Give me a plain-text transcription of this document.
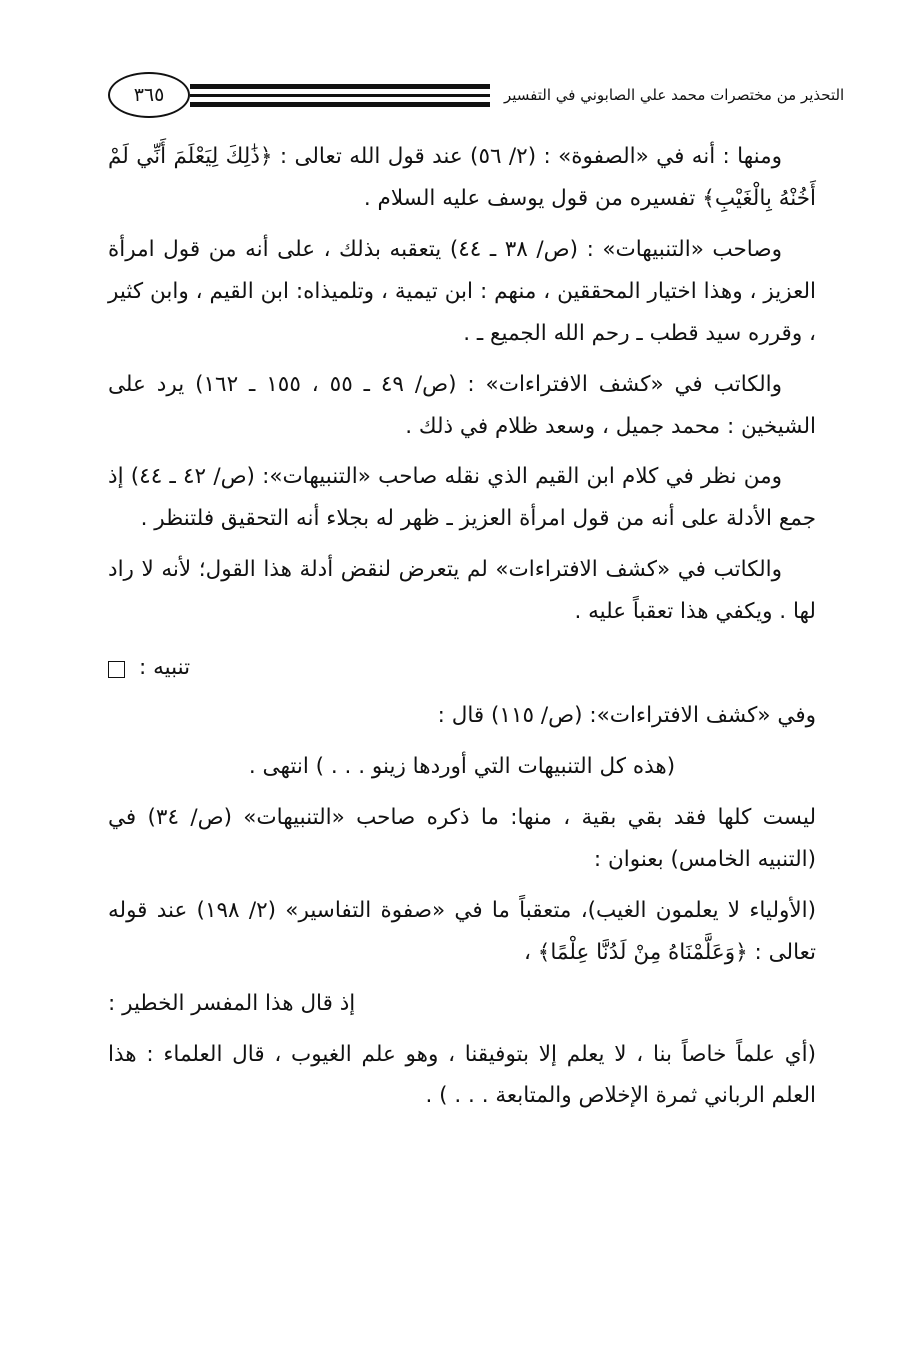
٣٦٥	التحذير من مختصرات محمد علي الصابوني في التفسير

ومنها : أنه في «الصفوة» : (٢/ ٥٦) عند قول الله تعالى : ﴿ذَٰلِكَ لِيَعْلَمَ أَنِّي لَمْ أَخُنْهُ بِالْغَيْبِ﴾ تفسيره من قول يوسف عليه السلام .

وصاحب «التنبيهات» : (ص/ ٣٨ ـ ٤٤) يتعقبه بذلك ، على أنه من قول امرأة العزيز ، وهذا اختيار المحققين ، منهم : ابن تيمية ، وتلميذاه: ابن القيم ، وابن كثير ، وقرره سيد قطب ـ رحم الله الجميع ـ .

والكاتب في «كشف الافتراءات» : (ص/ ٤٩ ـ ٥٥ ، ١٥٥ ـ ١٦٢) يرد على الشيخين : محمد جميل ، وسعد ظلام في ذلك .

ومن نظر في كلام ابن القيم الذي نقله صاحب «التنبيهات»: (ص/ ٤٢ ـ ٤٤) إذ جمع الأدلة على أنه من قول امرأة العزيز ـ ظهر له بجلاء أنه التحقيق فلتنظر .

والكاتب في «كشف الافتراءات» لم يتعرض لنقض أدلة هذا القول؛ لأنه لا راد لها . ويكفي هذا تعقباً عليه .

تنبيه :

وفي «كشف الافتراءات»: (ص/ ١١٥) قال :

(هذه كل التنبيهات التي أوردها زينو . . . ) انتهى .

ليست كلها فقد بقي بقية ، منها: ما ذكره صاحب «التنبيهات» (ص/ ٣٤) في (التنبيه الخامس) بعنوان :

(الأولياء لا يعلمون الغيب)، متعقباً ما في «صفوة التفاسير» (٢/ ١٩٨) عند قوله تعالى : ﴿وَعَلَّمْنَاهُ مِنْ لَدُنَّا عِلْمًا﴾ ،

إذ قال هذا المفسر الخطير :

(أي علماً خاصاً بنا ، لا يعلم إلا بتوفيقنا ، وهو علم الغيوب ، قال العلماء : هذا العلم الرباني ثمرة الإخلاص والمتابعة . . . ) .
